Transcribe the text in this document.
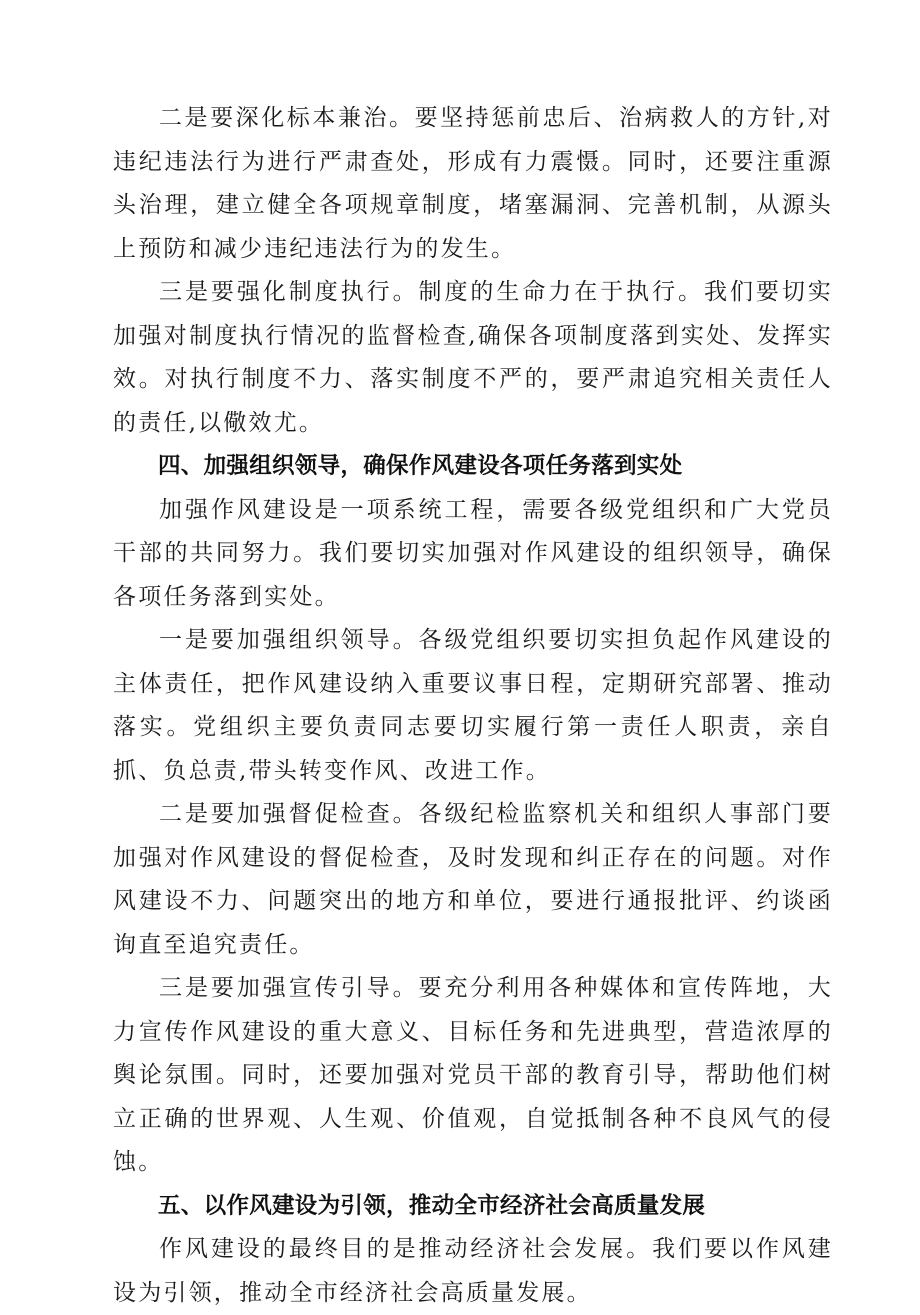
二是要深化标本兼治。要坚持惩前忠后、治病救人的方针,对违纪违法行为进行严肃查处，形成有力震慑。同时，还要注重源头治理，建立健全各项规章制度，堵塞漏洞、完善机制，从源头上预防和减少违纪违法行为的发生。

三是要强化制度执行。制度的生命力在于执行。我们要切实加强对制度执行情况的监督检查,确保各项制度落到实处、发挥实效。对执行制度不力、落实制度不严的，要严肃追究相关责任人的责任,以儆效尤。

四、加强组织领导，确保作风建设各项任务落到实处

加强作风建设是一项系统工程，需要各级党组织和广大党员干部的共同努力。我们要切实加强对作风建设的组织领导，确保各项任务落到实处。

一是要加强组织领导。各级党组织要切实担负起作风建设的主体责任，把作风建设纳入重要议事日程，定期研究部署、推动落实。党组织主要负责同志要切实履行第一责任人职责，亲自抓、负总责,带头转变作风、改进工作。

二是要加强督促检查。各级纪检监察机关和组织人事部门要加强对作风建设的督促检查，及时发现和纠正存在的问题。对作风建设不力、问题突出的地方和单位，要进行通报批评、约谈函询直至追究责任。

三是要加强宣传引导。要充分利用各种媒体和宣传阵地，大力宣传作风建设的重大意义、目标任务和先进典型，营造浓厚的舆论氛围。同时，还要加强对党员干部的教育引导，帮助他们树立正确的世界观、人生观、价值观，自觉抵制各种不良风气的侵蚀。

五、以作风建设为引领，推动全市经济社会高质量发展

作风建设的最终目的是推动经济社会发展。我们要以作风建设为引领，推动全市经济社会高质量发展。
